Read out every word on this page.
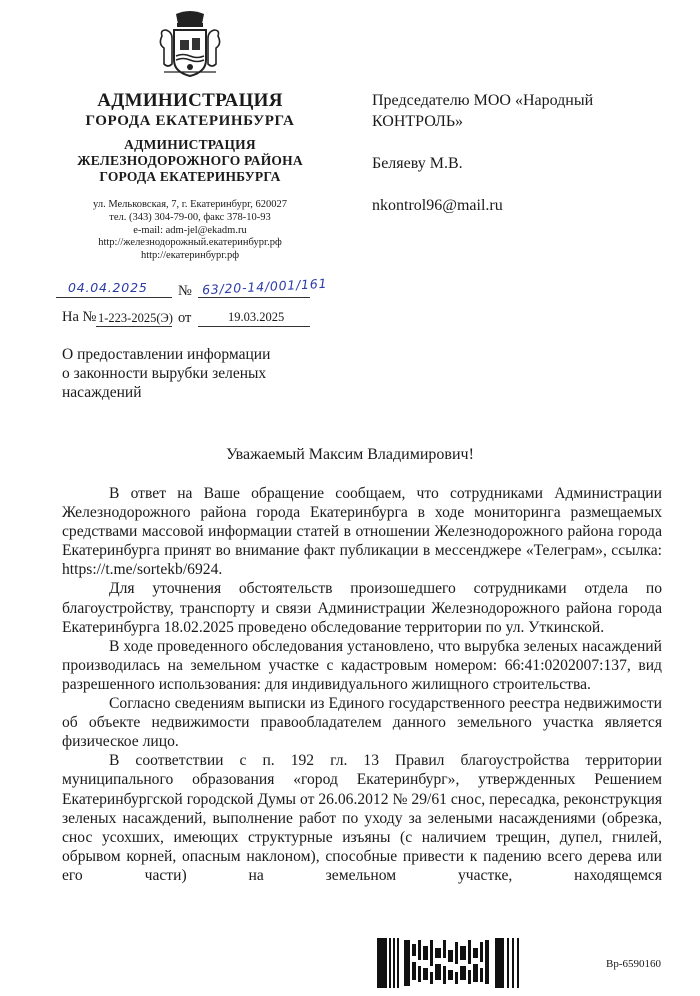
АДМИНИСТРАЦИЯ
ГОРОДА ЕКАТЕРИНБУРГА
АДМИНИСТРАЦИЯ
ЖЕЛЕЗНОДОРОЖНОГО РАЙОНА
ГОРОДА ЕКАТЕРИНБУРГА
ул. Мельковская, 7, г. Екатеринбург, 620027
тел. (343) 304-79-00, факс 378-10-93
e-mail: adm-jel@ekadm.ru
http://железнодорожный.екатеринбург.рф
http://екатеринбург.рф
Председателю МОО «Народный
КОНТРОЛЬ»
Беляеву М.В.
nkontrol96@mail.ru
04.04.2025 № 63/20-14/001/161
На № 1-223-2025(Э) от	19.03.2025
О предоставлении информации
о законности вырубки зеленых
насаждений
Уважаемый Максим Владимирович!

В ответ на Ваше обращение сообщаем, что сотрудниками Администрации Железнодорожного района города Екатеринбурга в ходе мониторинга размещаемых средствами массовой информации статей в отношении Железнодорожного района города Екатеринбурга принят во внимание факт публикации в мессенджере «Телеграм», ссылка: https://t.me/sortekb/6924.

Для уточнения обстоятельств произошедшего сотрудниками отдела по благоустройству, транспорту и связи Администрации Железнодорожного района города Екатеринбурга 18.02.2025 проведено обследование территории по ул. Уткинской.

В ходе проведенного обследования установлено, что вырубка зеленых насаждений производилась на земельном участке с кадастровым номером: 66:41:0202007:137, вид разрешенного использования: для индивидуального жилищного строительства.

Согласно сведениям выписки из Единого государственного реестра недвижимости об объекте недвижимости правообладателем данного земельного участка является физическое лицо.

В соответствии с п. 192 гл. 13 Правил благоустройства территории муниципального образования «город Екатеринбург», утвержденных Решением Екатеринбургской городской Думы от 26.06.2012 № 29/61 снос, пересадка, реконструкция зеленых насаждений, выполнение работ по уходу за зелеными насаждениями (обрезка, снос усохших, имеющих структурные изъяны (с наличием трещин, дупел, гнилей, обрывом корней, опасным наклоном), способные привести к падению всего дерева или его части) на земельном участке, находящемся

Вр-6590160
